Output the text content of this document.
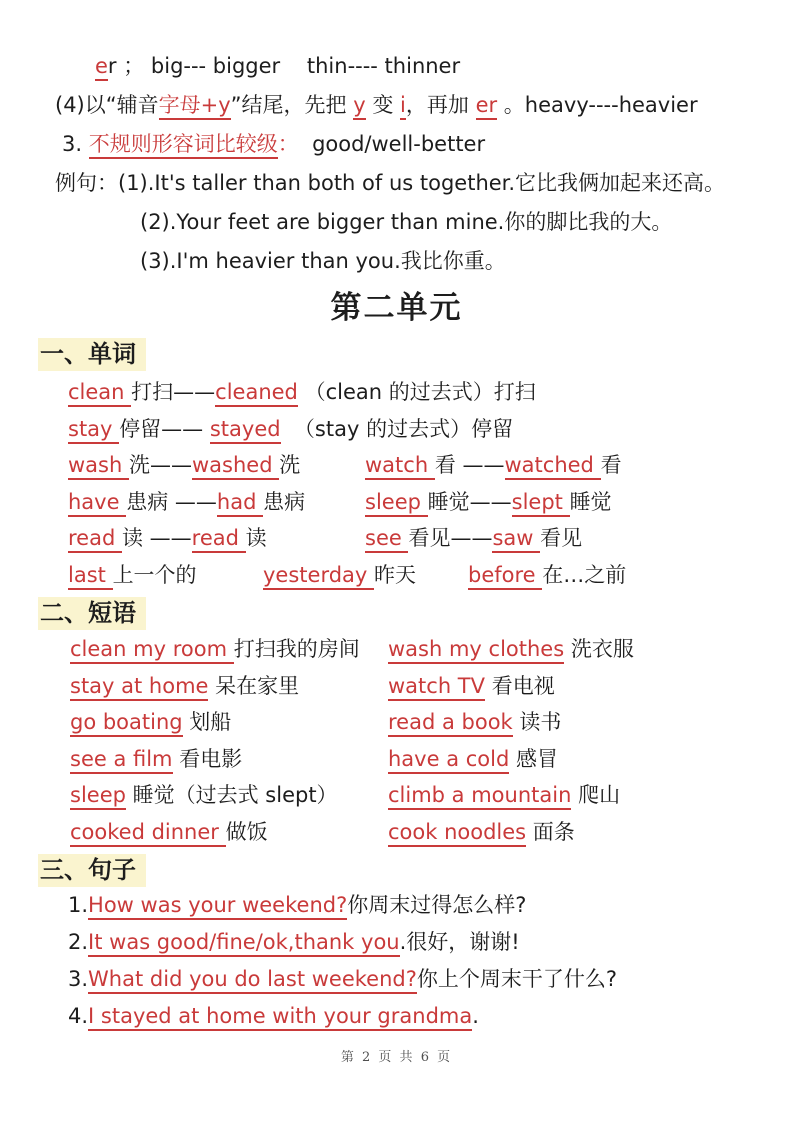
er ； big--- bigger    thin---- thinner
(4)以“辅音字母+y”结尾，先把 y 变 i，再加 er 。heavy----heavier
3. 不规则形容词比较级：  good/well-better
例句：(1).It's taller than both of us together.它比我俩加起来还高。
(2).Your feet are bigger than mine.你的脚比我的大。
(3).I'm heavier than you.我比你重。
第二单元
一、单词
clean 打扫——cleaned （clean 的过去式）打扫
stay 停留—— stayed  （stay 的过去式）停留
wash 洗——washed 洗	watch 看 ——watched 看
have 患病 ——had 患病	sleep 睡觉——slept 睡觉
read 读 ——read 读	see 看见——saw 看见
last 上一个的	yesterday 昨天	before 在…之前
二、短语
clean my room 打扫我的房间	wash my clothes 洗衣服
stay at home 呆在家里	watch TV 看电视
go boating 划船	read a book 读书
see a film 看电影	have a cold 感冒
sleep 睡觉（过去式 slept）	climb a mountain 爬山
cooked dinner 做饭	cook noodles 面条
三、句子
1.How was your weekend?你周末过得怎么样?
2.It was good/fine/ok,thank you.很好，谢谢!
3.What did you do last weekend?你上个周末干了什么?
4.I stayed at home with your grandma.
第 2 页 共 6 页
